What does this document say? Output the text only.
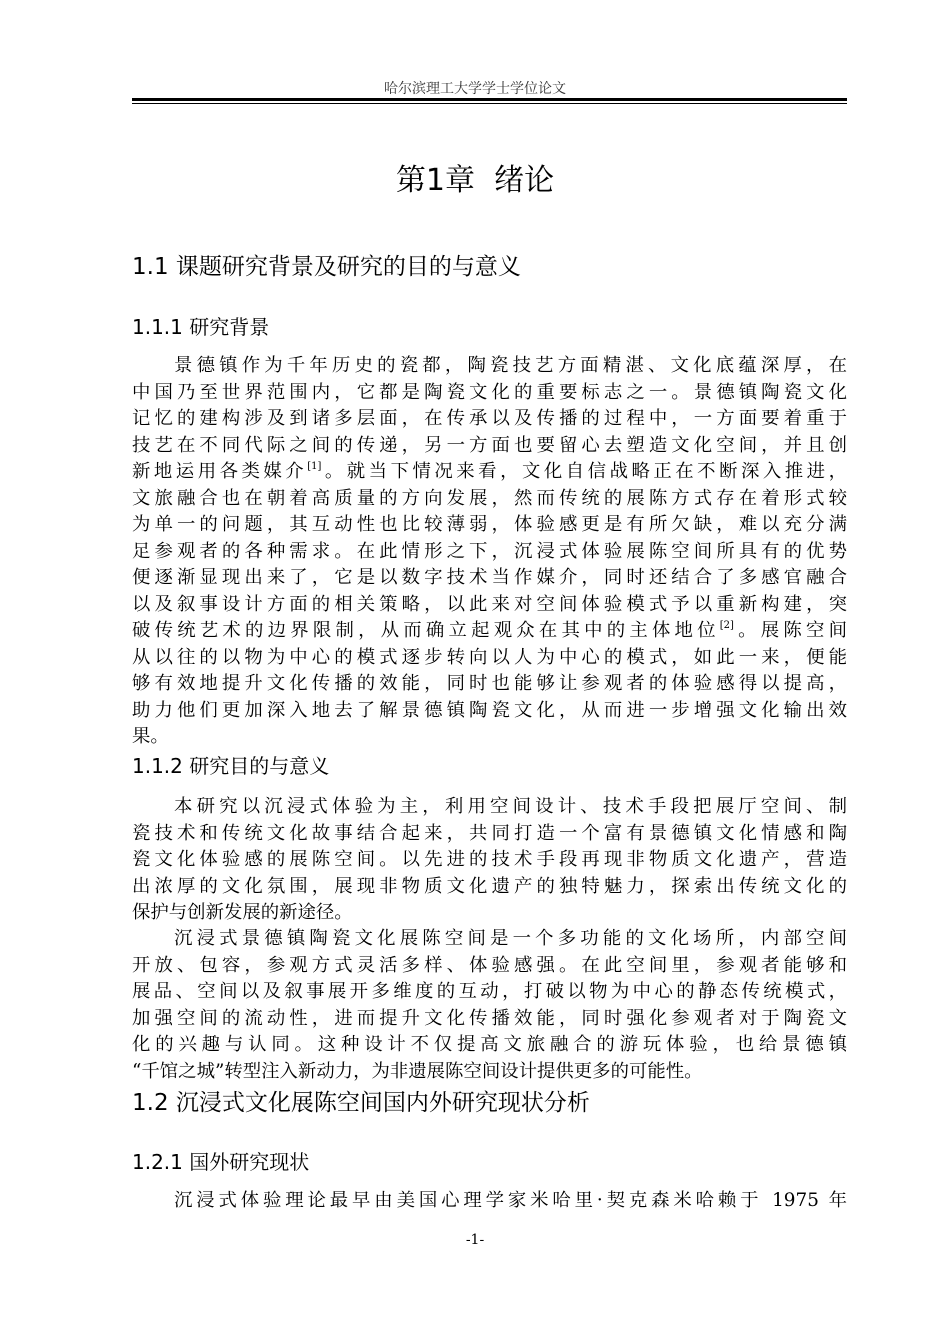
哈尔滨理工大学学士学位论文
第1章  绪论
1.1 课题研究背景及研究的目的与意义
1.1.1 研究背景
景德镇作为千年历史的瓷都，陶瓷技艺方面精湛、文化底蕴深厚，在
中国乃至世界范围内，它都是陶瓷文化的重要标志之一。景德镇陶瓷文化
记忆的建构涉及到诸多层面，在传承以及传播的过程中，一方面要着重于
技艺在不同代际之间的传递，另一方面也要留心去塑造文化空间，并且创
新地运用各类媒介[1]。就当下情况来看，文化自信战略正在不断深入推进，
文旅融合也在朝着高质量的方向发展，然而传统的展陈方式存在着形式较
为单一的问题，其互动性也比较薄弱，体验感更是有所欠缺，难以充分满
足参观者的各种需求。在此情形之下，沉浸式体验展陈空间所具有的优势
便逐渐显现出来了，它是以数字技术当作媒介，同时还结合了多感官融合
以及叙事设计方面的相关策略，以此来对空间体验模式予以重新构建，突
破传统艺术的边界限制，从而确立起观众在其中的主体地位[2]。展陈空间
从以往的以物为中心的模式逐步转向以人为中心的模式，如此一来，便能
够有效地提升文化传播的效能，同时也能够让参观者的体验感得以提高，
助力他们更加深入地去了解景德镇陶瓷文化，从而进一步增强文化输出效
果。
1.1.2 研究目的与意义
本研究以沉浸式体验为主，利用空间设计、技术手段把展厅空间、制
瓷技术和传统文化故事结合起来，共同打造一个富有景德镇文化情感和陶
瓷文化体验感的展陈空间。以先进的技术手段再现非物质文化遗产，营造
出浓厚的文化氛围，展现非物质文化遗产的独特魅力，探索出传统文化的
保护与创新发展的新途径。
沉浸式景德镇陶瓷文化展陈空间是一个多功能的文化场所，内部空间
开放、包容，参观方式灵活多样、体验感强。在此空间里，参观者能够和
展品、空间以及叙事展开多维度的互动，打破以物为中心的静态传统模式，
加强空间的流动性，进而提升文化传播效能，同时强化参观者对于陶瓷文
化的兴趣与认同。这种设计不仅提高文旅融合的游玩体验，也给景德镇
“千馆之城”转型注入新动力，为非遗展陈空间设计提供更多的可能性。
1.2 沉浸式文化展陈空间国内外研究现状分析
1.2.1 国外研究现状
沉浸式体验理论最早由美国心理学家米哈里·契克森米哈赖于 1975 年
-1-
